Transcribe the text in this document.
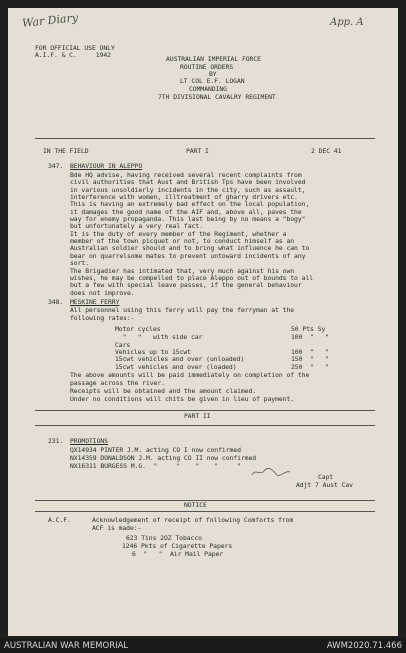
War Diary	App. A
FOR OFFICIAL USE ONLY
A.I.F. & C.     1942	AUSTRALIAN IMPERIAL FORCE
ROUTINE ORDERS
BY
LT COL E.F. LOGAN
COMMANDING
7TH DIVISIONAL CAVALRY REGIMENT
IN THE FIELD	PART I	2 DEC 41
347. BEHAVIOUR IN ALEPPO
Bde HQ advise, having received several recent complaints from
civil authorities that Aust and British Tps have been involved
in various unsoldierly incidents in the city, such as assault,
interference with women, illtreatment of gharry drivers etc.
This is having an extremely bad effect on the local population,
it damages the good name of the AIF and, above all, paves the
way for enemy propaganda. This last being by no means a "bogy"
but unfortunately a very real fact.
It is the duty of every member of the Regiment, whether a
member of the town picquet or not, to conduct himself as an
Australian soldier should and to bring what influence he can to
bear on quarrelsome mates to prevent untoward incidents of any
sort.
The Brigadier has intimated that, very much against his own
wishes, he may be compelled to place Aleppo out of bounds to all
but a few with special leave passes, if the general behaviour
does not improve.
348. MESKINE FERRY
All personnel using this ferry will pay the ferryman at the
following rates:-
Motor cycles	50 Pts Sy
"   "   with side car	100  "   "
Cars
Vehicles up to 15cwt	100  "   "
15cwt vehicles and over (unloaded)	150  "   "
15cwt vehicles and over (loaded)	250  "   "
The above amounts will be paid immediately on completion of the
passage across the river.
Receipts will be obtained and the amount claimed.
Under no conditions will chits be given in lieu of payment.
PART II
231. PROMOTIONS
QX14934 PINTER J.M. acting CO I now confirmed
NX14359 DONALDSON J.M. acting CO II now confirmed
NX16311 BURGESS M.G.  "     "    "    "     "
Capt
Adjt 7 Aust Cav
NOTICE
A.C.F.	Acknowledgement of receipt of following Comforts from
ACF is made:-
623 Tins 2OZ Tobacco
1246 Pkts of Cigarette Papers
6  "   "  Air Mail Paper
AUSTRALIAN WAR MEMORIAL	AWM2020.71.466
